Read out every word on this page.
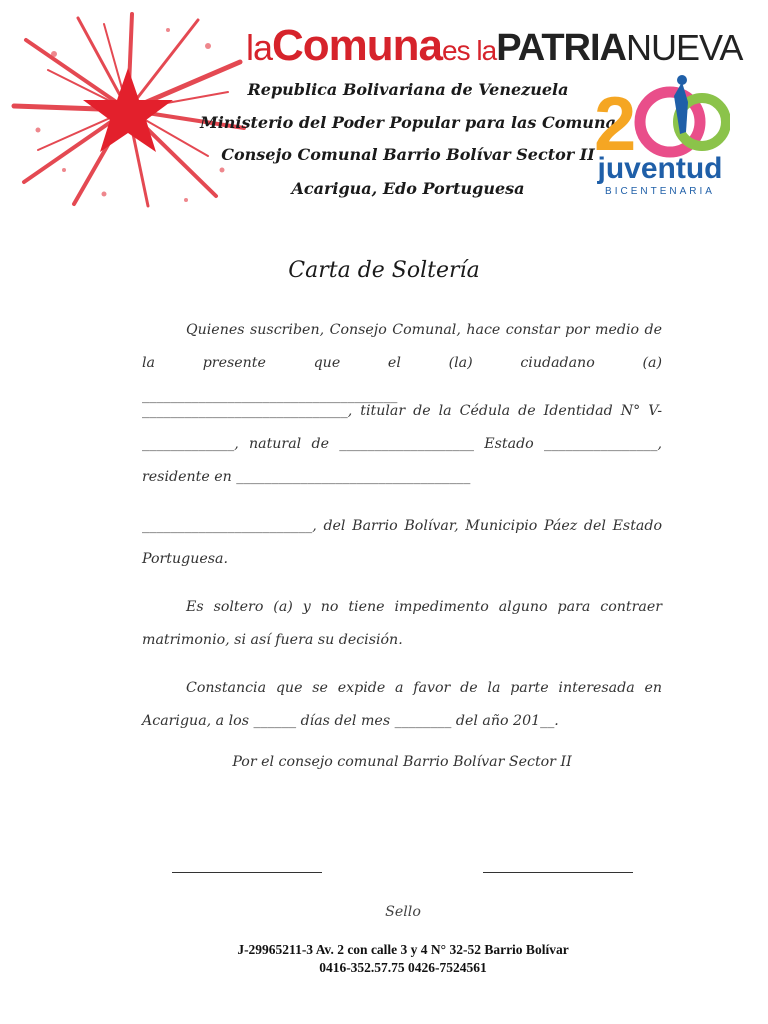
laComunaes laPATRIANUEVA
Republica Bolivariana de Venezuela
Ministerio del Poder Popular para las Comunas
Consejo Comunal Barrio Bolívar Sector II
Acarigua, Edo Portuguesa
2
juventud
BICENTENARIA
Carta de Soltería
Quienes suscriben, Consejo Comunal, hace constar por medio de la presente que el (la) ciudadano (a) ____________________________________
_____________________________, titular de la Cédula de Identidad N° V- _____________, natural de ___________________ Estado ________________, residente en _________________________________
________________________, del Barrio Bolívar, Municipio Páez del Estado Portuguesa.
Es soltero (a) y no tiene impedimento alguno para contraer matrimonio, si así fuera su decisión.
Constancia que se expide a favor de la parte interesada en Acarigua, a los ______ días del mes ________ del año 201__.
Por el consejo comunal Barrio Bolívar Sector II
Sello
J-29965211-3 Av. 2 con calle 3 y 4 N° 32-52 Barrio Bolívar
0416-352.57.75 0426-7524561
